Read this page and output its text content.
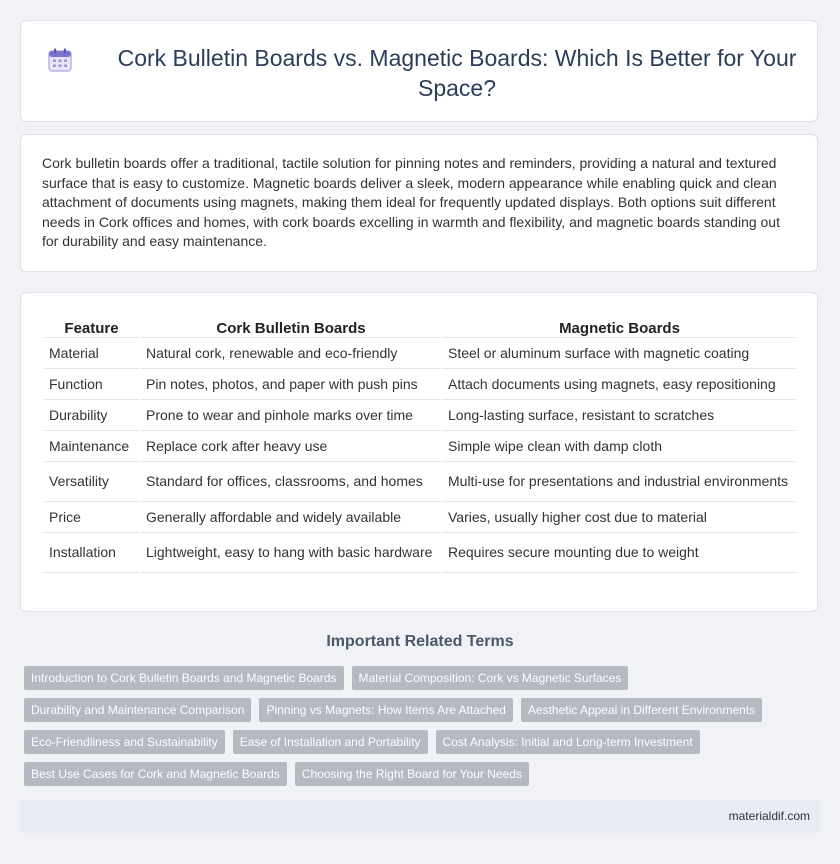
Cork Bulletin Boards vs. Magnetic Boards: Which Is Better for Your Space?

Cork bulletin boards offer a traditional, tactile solution for pinning notes and reminders, providing a natural and textured surface that is easy to customize. Magnetic boards deliver a sleek, modern appearance while enabling quick and clean attachment of documents using magnets, making them ideal for frequently updated displays. Both options suit different needs in Cork offices and homes, with cork boards excelling in warmth and flexibility, and magnetic boards standing out for durability and easy maintenance.

Feature	Cork Bulletin Boards	Magnetic Boards
Material	Natural cork, renewable and eco-friendly	Steel or aluminum surface with magnetic coating
Function	Pin notes, photos, and paper with push pins	Attach documents using magnets, easy repositioning
Durability	Prone to wear and pinhole marks over time	Long-lasting surface, resistant to scratches
Maintenance	Replace cork after heavy use	Simple wipe clean with damp cloth
Versatility	Standard for offices, classrooms, and homes	Multi-use for presentations and industrial environments
Price	Generally affordable and widely available	Varies, usually higher cost due to material
Installation	Lightweight, easy to hang with basic hardware	Requires secure mounting due to weight
Important Related Terms
Introduction to Cork Bulletin Boards and Magnetic Boards	Material Composition: Cork vs Magnetic Surfaces
Durability and Maintenance Comparison	Pinning vs Magnets: How Items Are Attached	Aesthetic Appeal in Different Environments
Eco-Friendliness and Sustainability	Ease of Installation and Portability	Cost Analysis: Initial and Long-term Investment
Best Use Cases for Cork and Magnetic Boards	Choosing the Right Board for Your Needs
materialdif.com
